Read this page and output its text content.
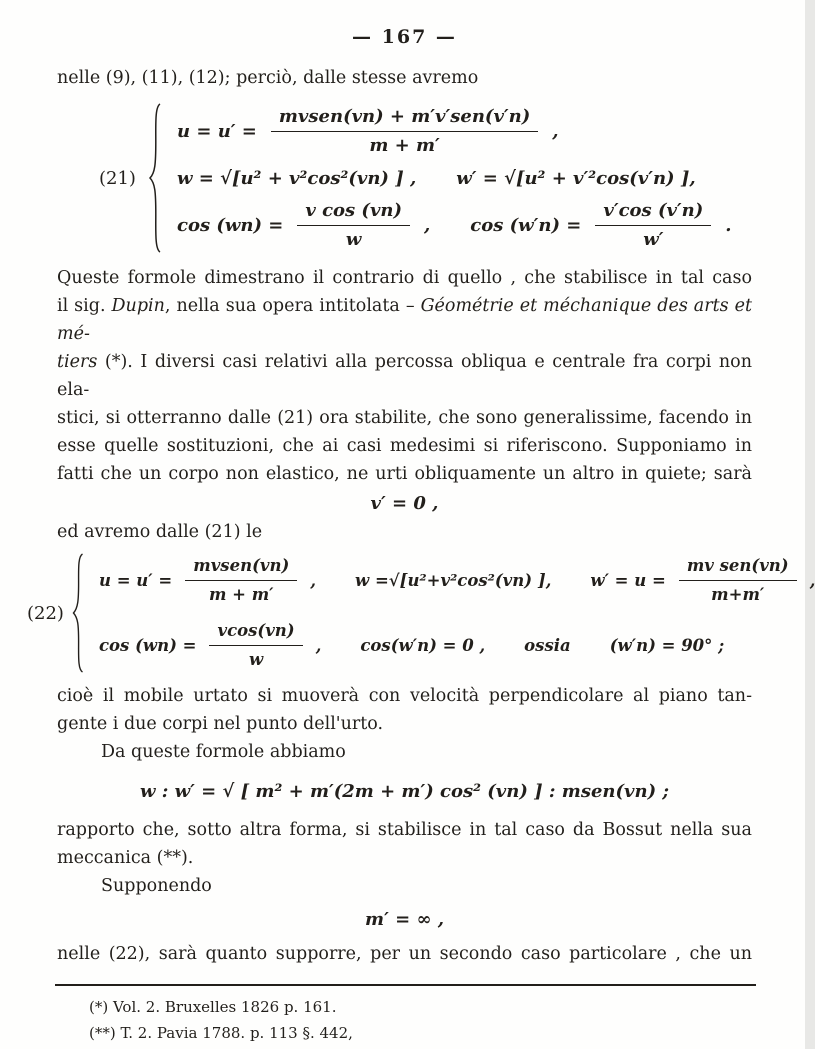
— 167 —
nelle (9), (11), (12); perciò, dalle stesse avremo
(21)
$u = u' = \frac{\text{mvsen(vn) + m′v′sen(v′n)}}{m + m'}$ ,
w = √[u² + v²cos²(vn) ] , w′ = √[u² + v′²cos(v′n) ],
$\cos (wn) = \frac{\text{v cos (vn)}}{w}$ , $\cos (w'n) = \frac{v'\cos (v'n)}{w'}$ .
Queste formole dimestrano il contrario di quello , che stabilisce in tal caso
il sig. Dupin, nella sua opera intitolata – Géométrie et méchanique des arts et mé-
tiers (*). I diversi casi relativi alla percossa obliqua e centrale fra corpi non ela-
stici, si otterranno dalle (21) ora stabilite, che sono generalissime, facendo in
esse quelle sostituzioni, che ai casi medesimi si riferiscono. Supponiamo in
fatti che un corpo non elastico, ne urti obliquamente un altro in quiete; sarà
v′ = 0 ,
ed avremo dalle (21) le
(22)
$u = u' = \frac{\text{mvsen(vn)}}{m + m'}$ , w =√[u²+v²cos²(vn) ], $w' = u = \frac{\text{mv sen(vn)}}{m+m'}$ ,
$\cos (wn) = \frac{vcos(vn)}{w}$ , cos(w′n) = 0 , ossia (w′n) = 90° ;
cioè il mobile urtato si muoverà con velocità perpendicolare al piano tan-
gente i due corpi nel punto dell'urto.
Da queste formole abbiamo
w : w′ = √ [ m² + m′(2m + m′) cos² (vn) ] : msen(vn) ;
rapporto che, sotto altra forma, si stabilisce in tal caso da Bossut nella sua
meccanica (**).
Supponendo
m′ = ∞ ,
nelle (22), sarà quanto supporre, per un secondo caso particolare , che un
(*) Vol. 2. Bruxelles 1826 p. 161.
(**) T. 2. Pavia 1788. p. 113 §. 442,
